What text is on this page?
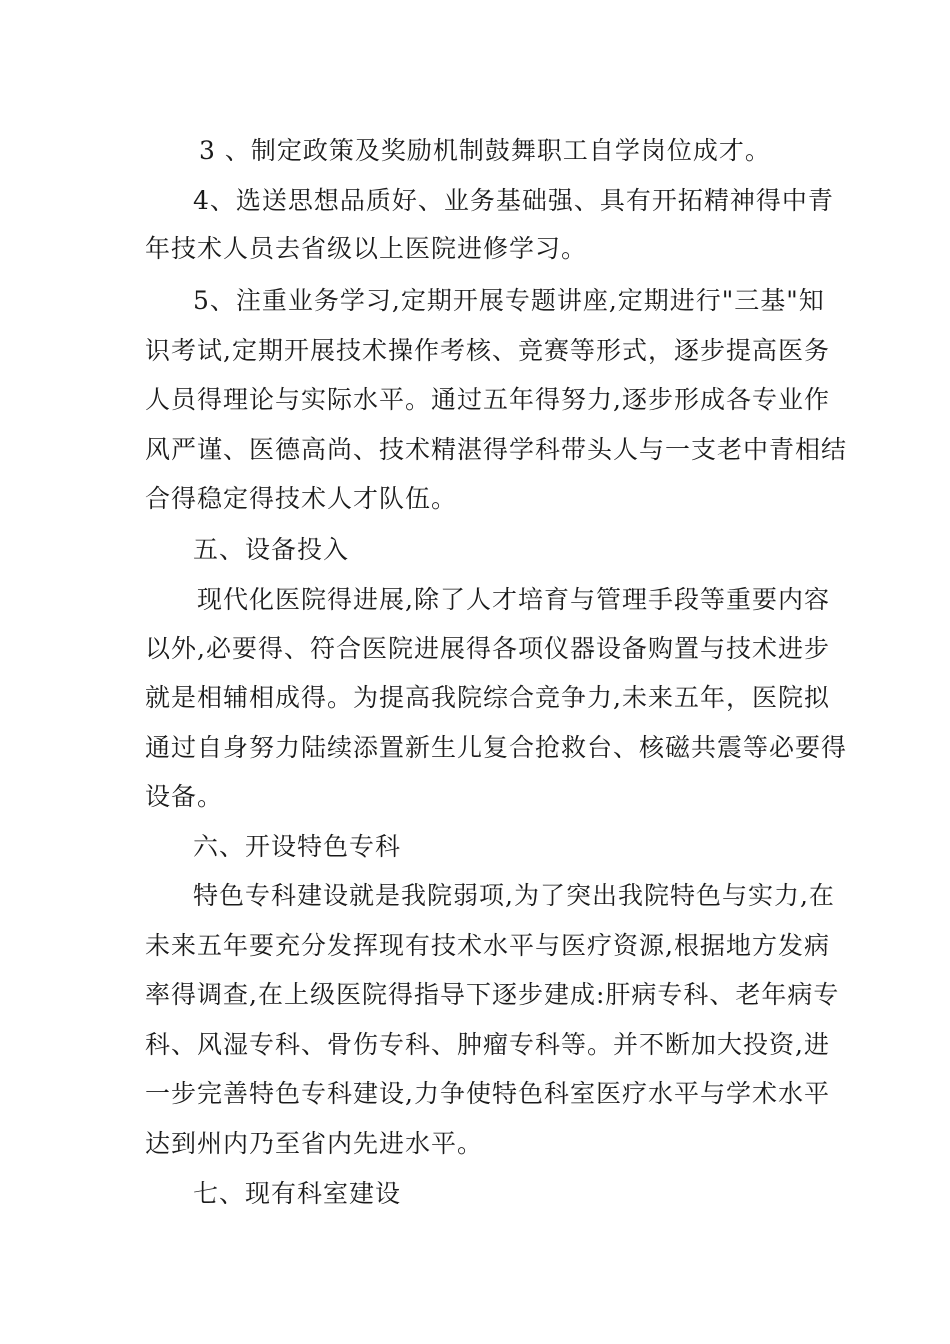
3 、制定政策及奖励机制鼓舞职工自学岗位成才。
4、选送思想品质好、业务基础强、具有开拓精神得中青
年技术人员去省级以上医院进修学习。
5、注重业务学习,定期开展专题讲座,定期进行"三基"知
识考试,定期开展技术操作考核、竞赛等形式，逐步提高医务
人员得理论与实际水平。通过五年得努力,逐步形成各专业作
风严谨、医德高尚、技术精湛得学科带头人与一支老中青相结
合得稳定得技术人才队伍。
五、设备投入
现代化医院得进展,除了人才培育与管理手段等重要内容
以外,必要得、符合医院进展得各项仪器设备购置与技术进步
就是相辅相成得。为提高我院综合竞争力,未来五年，医院拟
通过自身努力陆续添置新生儿复合抢救台、核磁共震等必要得
设备。
六、开设特色专科
特色专科建设就是我院弱项,为了突出我院特色与实力,在
未来五年要充分发挥现有技术水平与医疗资源,根据地方发病
率得调查,在上级医院得指导下逐步建成:肝病专科、老年病专
科、风湿专科、骨伤专科、肿瘤专科等。并不断加大投资,进
一步完善特色专科建设,力争使特色科室医疗水平与学术水平
达到州内乃至省内先进水平。
七、现有科室建设
